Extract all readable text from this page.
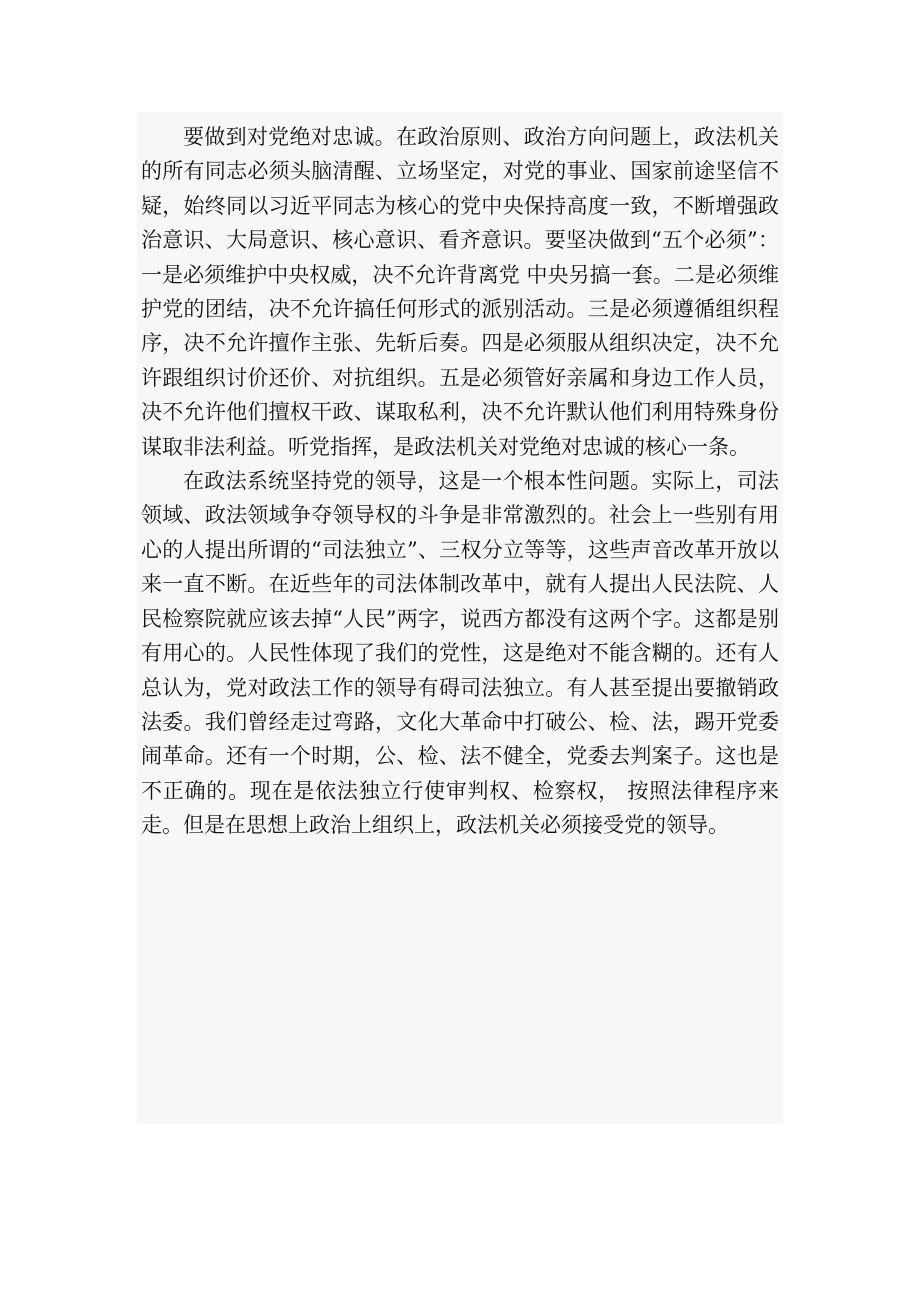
要做到对党绝对忠诚。在政治原则、政治方向问题上，政法机关的所有同志必须头脑清醒、立场坚定，对党的事业、国家前途坚信不疑，始终同以习近平同志为核心的党中央保持高度一致，不断增强政治意识、大局意识、核心意识、看齐意识。要坚决做到“五个必须”：一是必须维护中央权威，决不允许背离党 中央另搞一套。二是必须维护党的团结，决不允许搞任何形式的派别活动。三是必须遵循组织程序，决不允许擅作主张、先斩后奏。四是必须服从组织决定，决不允 许跟组织讨价还价、对抗组织。五是必须管好亲属和身边工作人员，决不允许他们擅权干政、谋取私利，决不允许默认他们利用特殊身份谋取非法利益。听党指挥，是政法机关对党绝对忠诚的核心一条。

在政法系统坚持党的领导，这是一个根本性问题。实际上，司法领域、政法领域争夺领导权的斗争是非常激烈的。社会上一些别有用心的人提出所谓的“司法独立”、三权分立等等，这些声音改革开放以来一直不断。在近些年的司法体制改革中，就有人提出人民法院、人民检察院就应该去掉“人民”两字，说西方都没有这两个字。这都是别有用心的。人民性体现了我们的党性，这是绝对不能含糊的。还有人总认为，党对政法工作的领导有碍司法独立。有人甚至提出要撤销政法委。我们曾经走过弯路，文化大革命中打破公、检、法，踢开党委闹革命。还有一个时期，公、检、法不健全，党委去判案子。这也是不正确的。现在是依法独立行使审判权、检察权， 按照法律程序来走。但是在思想上政治上组织上，政法机关必须接受党的领导。
